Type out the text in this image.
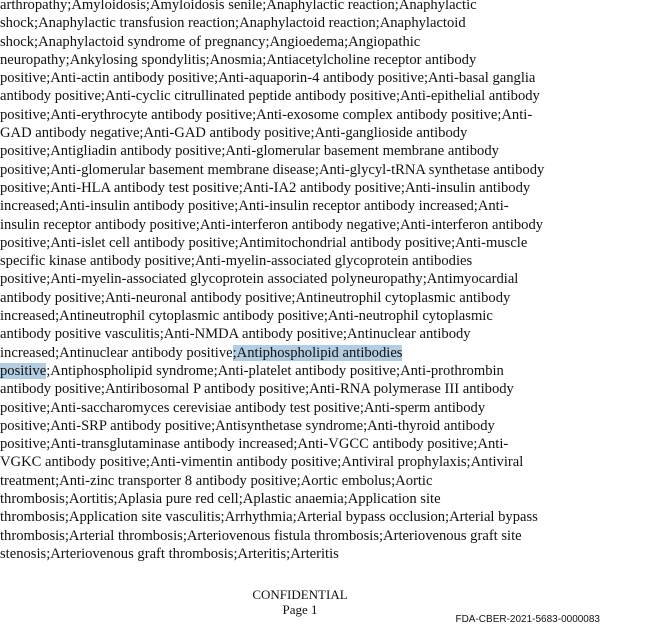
arthropathy;Amyloidosis;Amyloidosis senile;Anaphylactic reaction;Anaphylactic
shock;Anaphylactic transfusion reaction;Anaphylactoid reaction;Anaphylactoid
shock;Anaphylactoid syndrome of pregnancy;Angioedema;Angiopathic
neuropathy;Ankylosing spondylitis;Anosmia;Antiacetylcholine receptor antibody
positive;Anti-actin antibody positive;Anti-aquaporin-4 antibody positive;Anti-basal ganglia
antibody positive;Anti-cyclic citrullinated peptide antibody positive;Anti-epithelial antibody
positive;Anti-erythrocyte antibody positive;Anti-exosome complex antibody positive;Anti-
GAD antibody negative;Anti-GAD antibody positive;Anti-ganglioside antibody
positive;Antigliadin antibody positive;Anti-glomerular basement membrane antibody
positive;Anti-glomerular basement membrane disease;Anti-glycyl-tRNA synthetase antibody
positive;Anti-HLA antibody test positive;Anti-IA2 antibody positive;Anti-insulin antibody
increased;Anti-insulin antibody positive;Anti-insulin receptor antibody increased;Anti-
insulin receptor antibody positive;Anti-interferon antibody negative;Anti-interferon antibody
positive;Anti-islet cell antibody positive;Antimitochondrial antibody positive;Anti-muscle
specific kinase antibody positive;Anti-myelin-associated glycoprotein antibodies
positive;Anti-myelin-associated glycoprotein associated polyneuropathy;Antimyocardial
antibody positive;Anti-neuronal antibody positive;Antineutrophil cytoplasmic antibody
increased;Antineutrophil cytoplasmic antibody positive;Anti-neutrophil cytoplasmic
antibody positive vasculitis;Anti-NMDA antibody positive;Antinuclear antibody
increased;Antinuclear antibody positive;Antiphospholipid antibodies
positive;Antiphospholipid syndrome;Anti-platelet antibody positive;Anti-prothrombin
antibody positive;Antiribosomal P antibody positive;Anti-RNA polymerase III antibody
positive;Anti-saccharomyces cerevisiae antibody test positive;Anti-sperm antibody
positive;Anti-SRP antibody positive;Antisynthetase syndrome;Anti-thyroid antibody
positive;Anti-transglutaminase antibody increased;Anti-VGCC antibody positive;Anti-
VGKC antibody positive;Anti-vimentin antibody positive;Antiviral prophylaxis;Antiviral
treatment;Anti-zinc transporter 8 antibody positive;Aortic embolus;Aortic
thrombosis;Aortitis;Aplasia pure red cell;Aplastic anaemia;Application site
thrombosis;Application site vasculitis;Arrhythmia;Arterial bypass occlusion;Arterial bypass
thrombosis;Arterial thrombosis;Arteriovenous fistula thrombosis;Arteriovenous graft site
stenosis;Arteriovenous graft thrombosis;Arteritis;Arteritis
CONFIDENTIAL
Page 1
FDA-CBER-2021-5683-0000083
